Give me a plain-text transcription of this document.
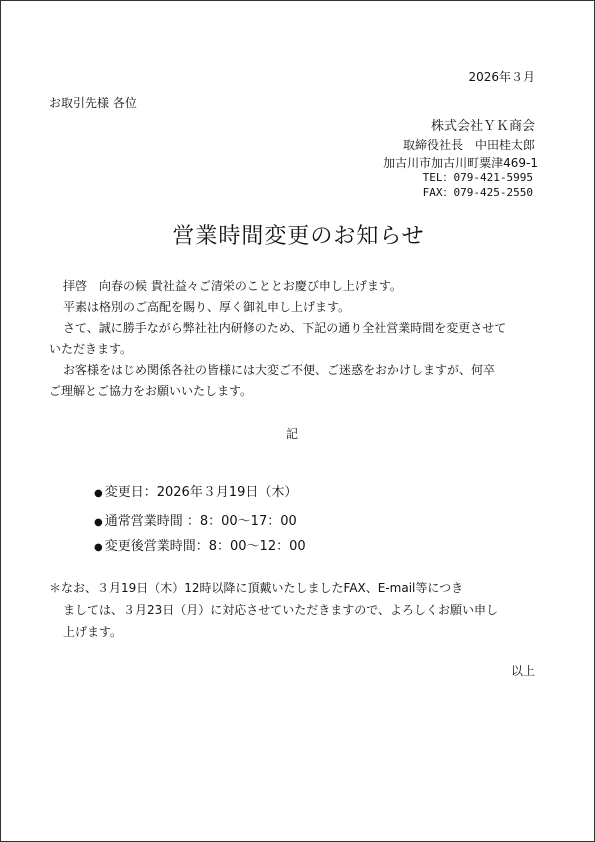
2026年３月
お取引先様 各位
株式会社ＹＫ商会
取締役社長　中田桂太郎
加古川市加古川町粟津469-1
TEL：079-421-5995
FAX：079-425-2550
営業時間変更のお知らせ
拝啓　向春の候 貴社益々ご清栄のこととお慶び申し上げます。
平素は格別のご高配を賜り、厚く御礼申し上げます。
さて、誠に勝手ながら弊社社内研修のため、下記の通り全社営業時間を変更させて
いただきます。
お客様をはじめ関係各社の皆様には大変ご不便、ご迷惑をおかけしますが、何卒
ご理解とご協力をお願いいたします。
記
● 変更日：2026年３月19日（木）
● 通常営業時間 ：8：00～17：00
● 変更後営業時間：8：00～12：00
＊なお、３月19日（木）12時以降に頂戴いたしましたFAX、E-mail等につき
ましては、３月23日（月）に対応させていただきますので、よろしくお願い申し
上げます。
以上
